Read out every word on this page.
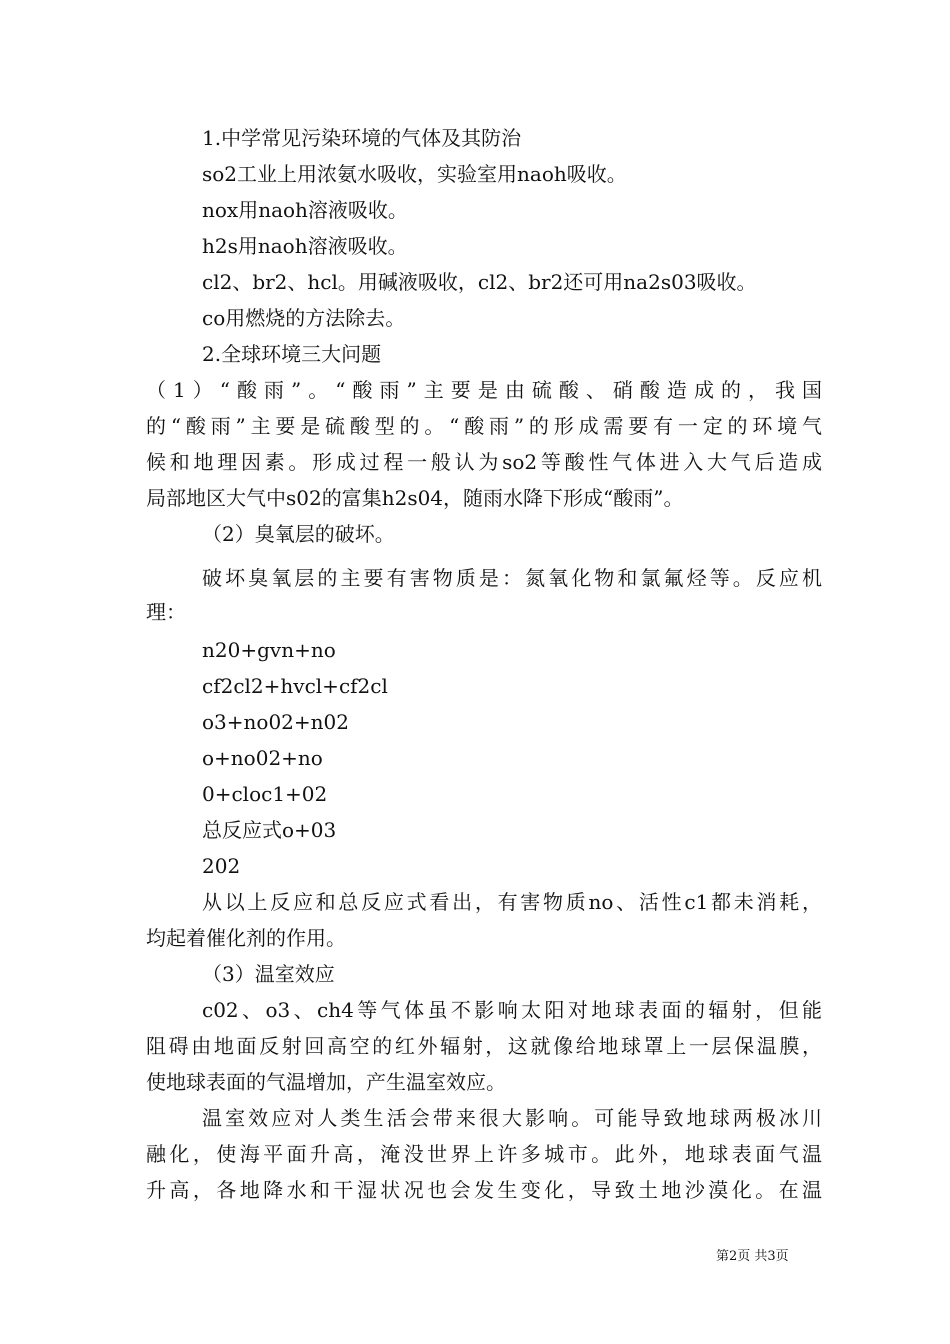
1.中学常见污染环境的气体及其防治
so2工业上用浓氨水吸收，实验室用naoh吸收。
nox用naoh溶液吸收。
h2s用naoh溶液吸收。
cl2、br2、hcl。用碱液吸收，cl2、br2还可用na2s03吸收。
co用燃烧的方法除去。
2.全球环境三大问题
（1）“酸雨”。“酸雨”主要是由硫酸、硝酸造成的，我国
的“酸雨”主要是硫酸型的。“酸雨”的形成需要有一定的环境气
候和地理因素。形成过程一般认为so2等酸性气体进入大气后造成
局部地区大气中s02的富集h2s04，随雨水降下形成“酸雨”。
（2）臭氧层的破坏。
破坏臭氧层的主要有害物质是：氮氧化物和氯氟烃等。反应机
理：
n20+gvn+no
cf2cl2+hvcl+cf2cl
o3+no02+n02
o+no02+no
0+cloc1+02
总反应式o+03
202
从以上反应和总反应式看出，有害物质no、活性c1都未消耗，
均起着催化剂的作用。
（3）温室效应
c02、o3、ch4等气体虽不影响太阳对地球表面的辐射，但能
阻碍由地面反射回高空的红外辐射，这就像给地球罩上一层保温膜，
使地球表面的气温增加，产生温室效应。
温室效应对人类生活会带来很大影响。可能导致地球两极冰川
融化，使海平面升高，淹没世界上许多城市。此外，地球表面气温
升高，各地降水和干湿状况也会发生变化，导致土地沙漠化。在温
第2页 共3页
